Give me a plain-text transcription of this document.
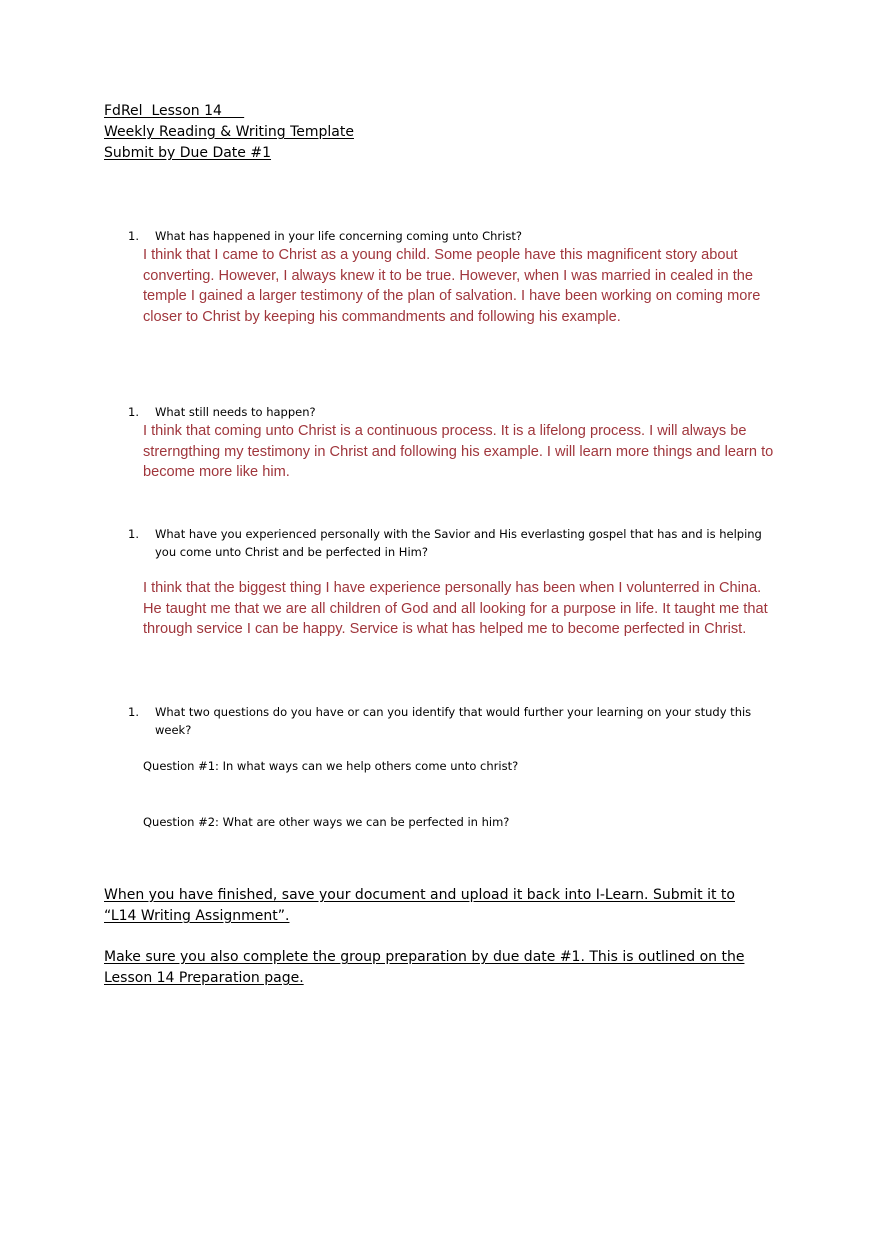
FdRel  Lesson 14
Weekly Reading & Writing Template
Submit by Due Date #1
1.	What has happened in your life concerning coming unto Christ?
I think that I came to Christ as a young child. Some people have this magnificent story about converting. However, I always knew it to be true. However, when I was married in cealed in the temple I gained a larger testimony of the plan of salvation. I have been working on coming more closer to Christ by keeping his commandments and following his example.
1.	What still needs to happen?
I think that coming unto Christ is a continuous process. It is a lifelong process. I will always be strerngthing my testimony in Christ and following his example. I will learn more things and learn to become more like him.
1.	What have you experienced personally with the Savior and His everlasting gospel that has and is helping you come unto Christ and be perfected in Him?
I think that the biggest thing I have experience personally has been when I volunterred in China. He taught me that we are all children of God and all looking for a purpose in life. It taught me that through service I can be happy. Service is what has helped me to become perfected in Christ.
1.	What two questions do you have or can you identify that would further your learning on your study this week?
Question #1: In what ways can we help others come unto christ?
Question #2: What are other ways we can be perfected in him?
When you have finished, save your document and upload it back into I-Learn. Submit it to “L14 Writing Assignment”.
Make sure you also complete the group preparation by due date #1. This is outlined on the Lesson 14 Preparation page.
